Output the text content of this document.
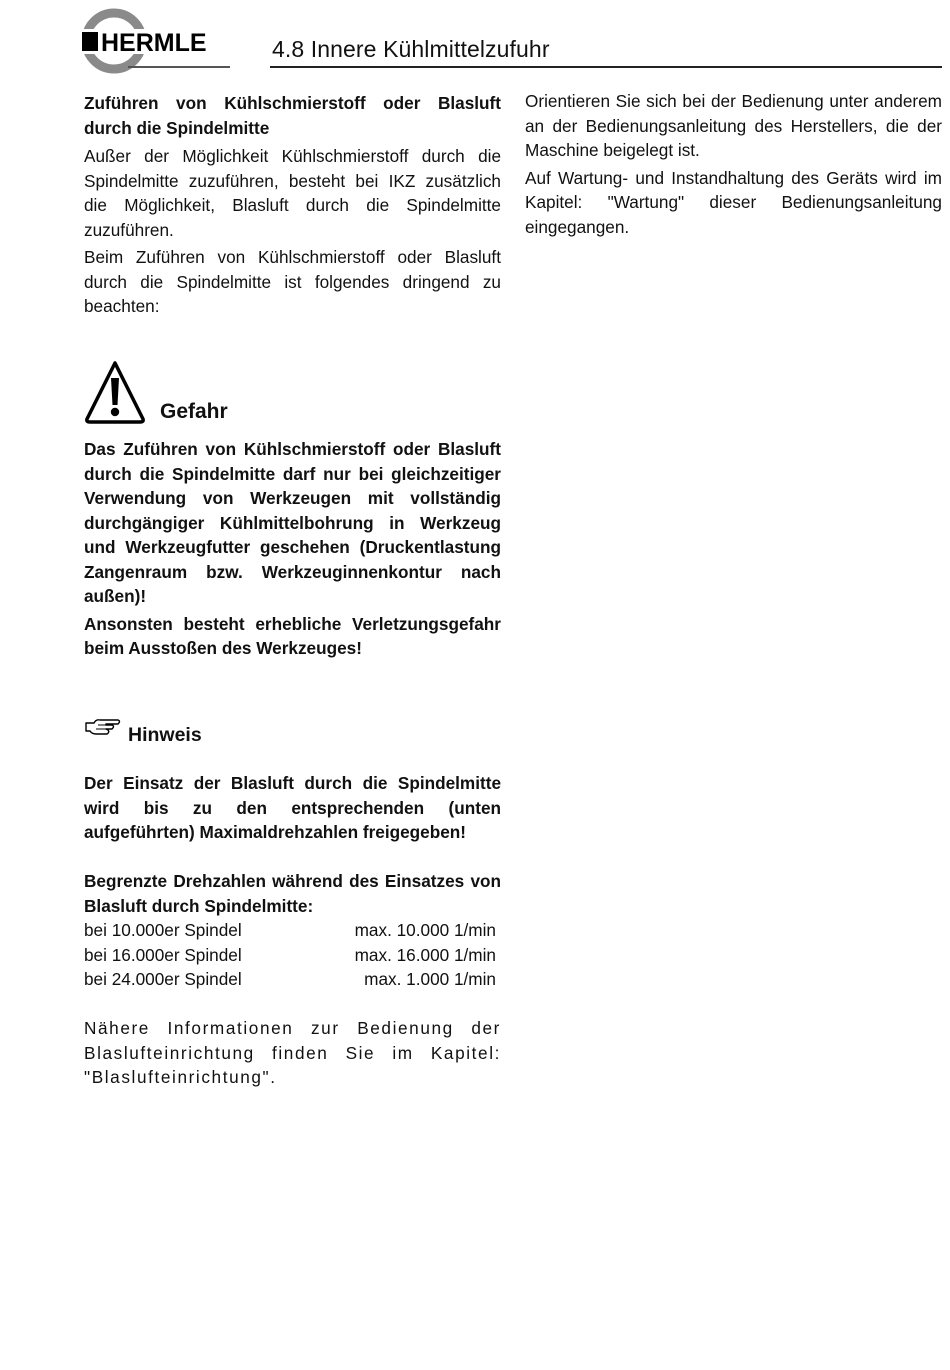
HERMLE	4.8 Innere Kühlmittelzufuhr
Zuführen von Kühlschmierstoff oder Blasluft durch die Spindelmitte

Außer der Möglichkeit Kühlschmierstoff durch die Spindelmitte zuzuführen, besteht bei IKZ zusätzlich die Möglichkeit, Blasluft durch die Spindelmitte zuzuführen.

Beim Zuführen von Kühlschmierstoff oder Blasluft durch die Spindelmitte ist folgendes dringend zu beachten:

Gefahr

Das Zuführen von Kühlschmierstoff oder Blasluft durch die Spindelmitte darf nur bei gleichzeitiger Verwendung von Werkzeugen mit vollständig durchgängiger Kühlmittelbohrung in Werkzeug und Werkzeugfutter geschehen (Druckentlastung Zangenraum bzw. Werkzeuginnenkontur nach außen)!

Ansonsten besteht erhebliche Verletzungsgefahr beim Ausstoßen des Werkzeuges!

Hinweis

Der Einsatz der Blasluft durch die Spindelmitte wird bis zu den entsprechenden (unten aufgeführten) Maximaldrehzahlen freigegeben!

Begrenzte Drehzahlen während des Einsatzes von Blasluft durch Spindelmitte:

bei 10.000er Spindel	max. 10.000 1/min
bei 16.000er Spindel	max. 16.000 1/min
bei 24.000er Spindel	max. 1.000 1/min

Nähere Informationen zur Bedienung der Blaslufteinrichtung finden Sie im Kapitel: "Blaslufteinrichtung".

Orientieren Sie sich bei der Bedienung unter anderem an der Bedienungsanleitung des Herstellers, die der Maschine beigelegt ist.

Auf Wartung- und Instandhaltung des Geräts wird im Kapitel: "Wartung" dieser Bedienungsanleitung eingegangen.
